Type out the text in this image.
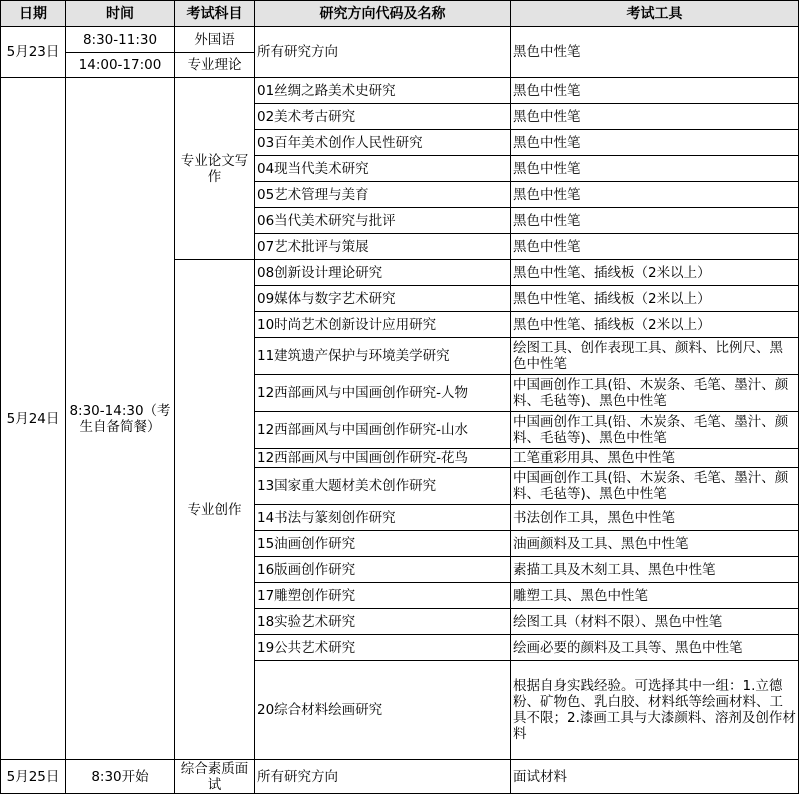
日期	时间	考试科目	研究方向代码及名称	考试工具
5月23日	8:30-11:30	外国语	所有研究方向	黑色中性笔
	14:00-17:00	专业理论		
5月24日	8:30-14:30（考生自备简餐）	专业论文写作	01丝绸之路美术史研究	黑色中性笔
			02美术考古研究	黑色中性笔
			03百年美术创作人民性研究	黑色中性笔
			04现当代美术研究	黑色中性笔
			05艺术管理与美育	黑色中性笔
			06当代美术研究与批评	黑色中性笔
			07艺术批评与策展	黑色中性笔
		专业创作	08创新设计理论研究	黑色中性笔、插线板（2米以上）
			09媒体与数字艺术研究	黑色中性笔、插线板（2米以上）
			10时尚艺术创新设计应用研究	黑色中性笔、插线板（2米以上）
			11建筑遗产保护与环境美学研究	绘图工具、创作表现工具、颜料、比例尺、黑色中性笔
			12西部画风与中国画创作研究-人物	中国画创作工具(铅、木炭条、毛笔、墨汁、颜料、毛毡等)、黑色中性笔
			12西部画风与中国画创作研究-山水	中国画创作工具(铅、木炭条、毛笔、墨汁、颜料、毛毡等)、黑色中性笔
			12西部画风与中国画创作研究-花鸟	工笔重彩用具、黑色中性笔
			13国家重大题材美术创作研究	中国画创作工具(铅、木炭条、毛笔、墨汁、颜料、毛毡等)、黑色中性笔
			14书法与篆刻创作研究	书法创作工具，黑色中性笔
			15油画创作研究	油画颜料及工具、黑色中性笔
			16版画创作研究	素描工具及木刻工具、黑色中性笔
			17雕塑创作研究	雕塑工具、黑色中性笔
			18实验艺术研究	绘图工具（材料不限）、黑色中性笔
			19公共艺术研究	绘画必要的颜料及工具等、黑色中性笔
			20综合材料绘画研究	根据自身实践经验。可选择其中一组：1.立德粉、矿物色、乳白胶、材料纸等绘画材料、工具不限；2.漆画工具与大漆颜料、溶剂及创作材料
5月25日	8:30开始	综合素质面试	所有研究方向	面试材料
